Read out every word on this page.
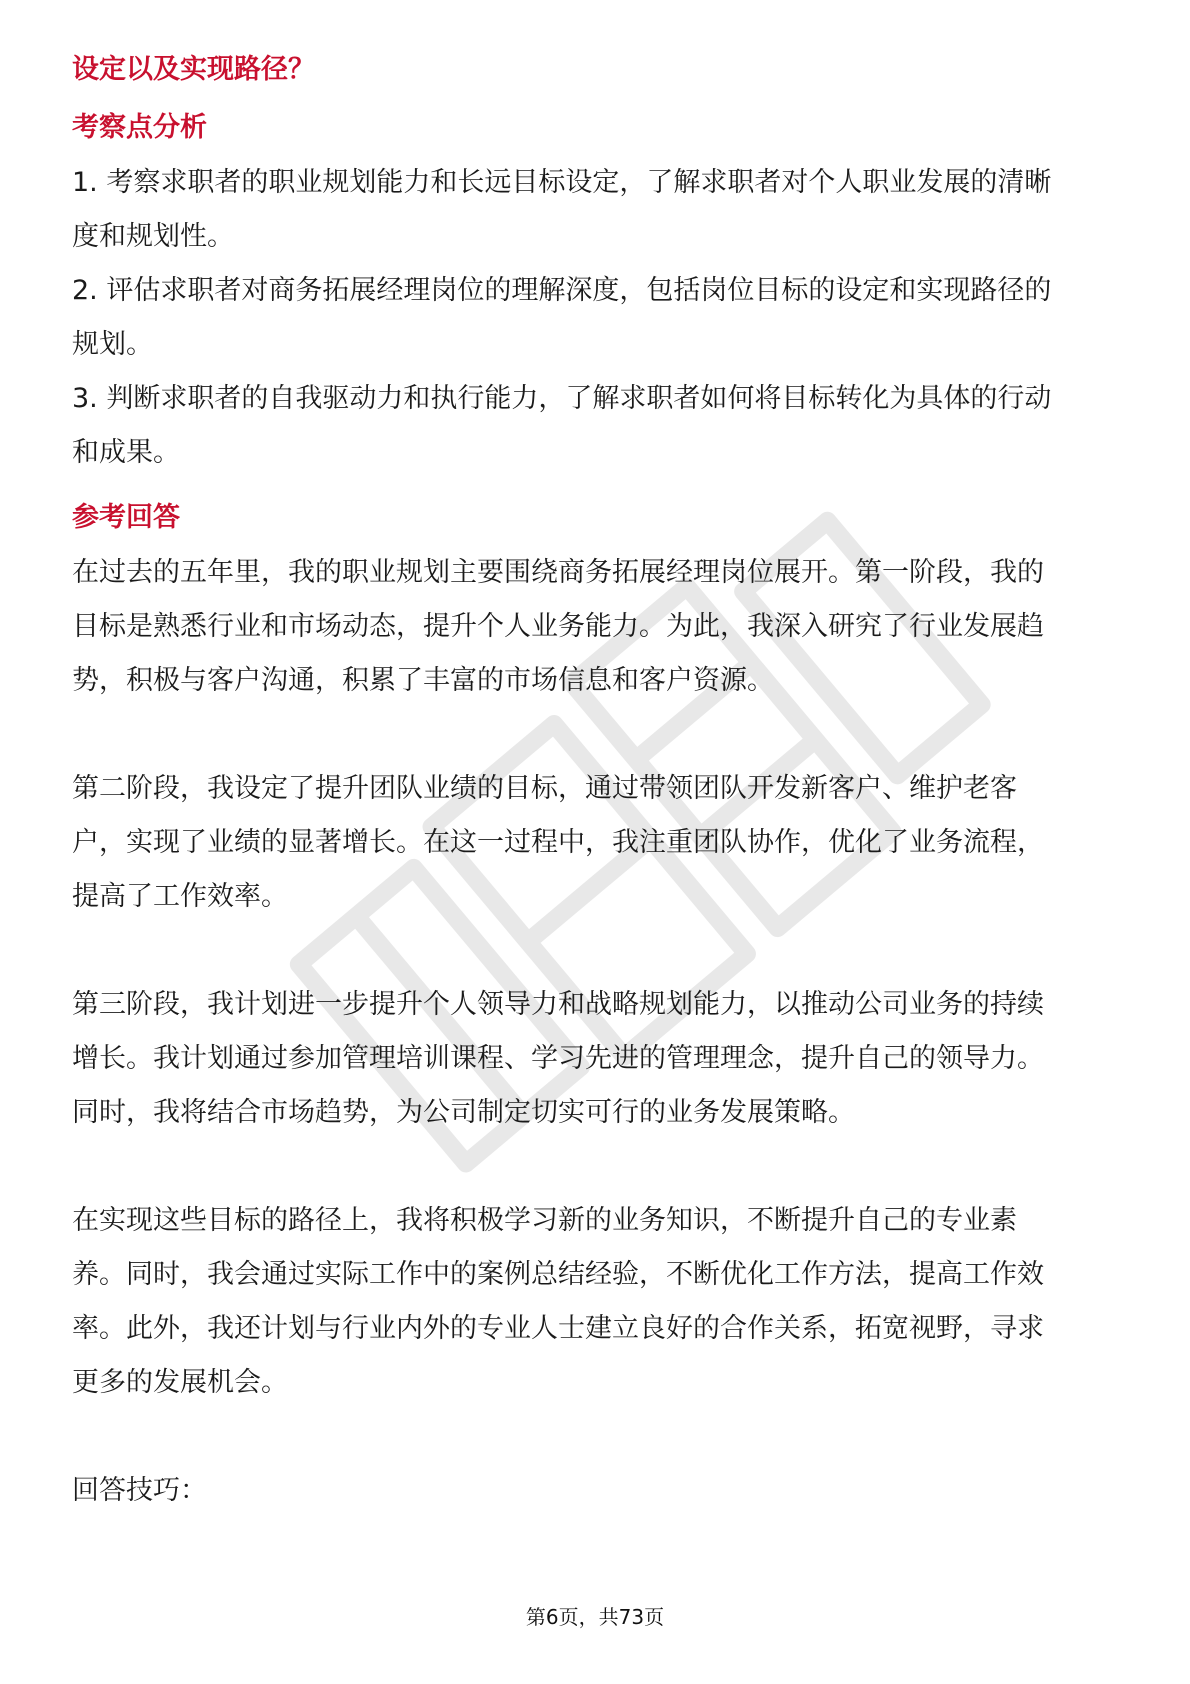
设定以及实现路径？

考察点分析

1. 考察求职者的职业规划能力和长远目标设定，了解求职者对个人职业发展的清晰

度和规划性。

2. 评估求职者对商务拓展经理岗位的理解深度，包括岗位目标的设定和实现路径的

规划。

3. 判断求职者的自我驱动力和执行能力，了解求职者如何将目标转化为具体的行动

和成果。

参考回答

在过去的五年里，我的职业规划主要围绕商务拓展经理岗位展开。第一阶段，我的

目标是熟悉行业和市场动态，提升个人业务能力。为此，我深入研究了行业发展趋

势，积极与客户沟通，积累了丰富的市场信息和客户资源。

第二阶段，我设定了提升团队业绩的目标，通过带领团队开发新客户、维护老客

户，实现了业绩的显著增长。在这一过程中，我注重团队协作，优化了业务流程，

提高了工作效率。

第三阶段，我计划进一步提升个人领导力和战略规划能力，以推动公司业务的持续

增长。我计划通过参加管理培训课程、学习先进的管理理念，提升自己的领导力。

同时，我将结合市场趋势，为公司制定切实可行的业务发展策略。

在实现这些目标的路径上，我将积极学习新的业务知识，不断提升自己的专业素

养。同时，我会通过实际工作中的案例总结经验，不断优化工作方法，提高工作效

率。此外，我还计划与行业内外的专业人士建立良好的合作关系，拓宽视野，寻求

更多的发展机会。

回答技巧：

第6页，共73页
